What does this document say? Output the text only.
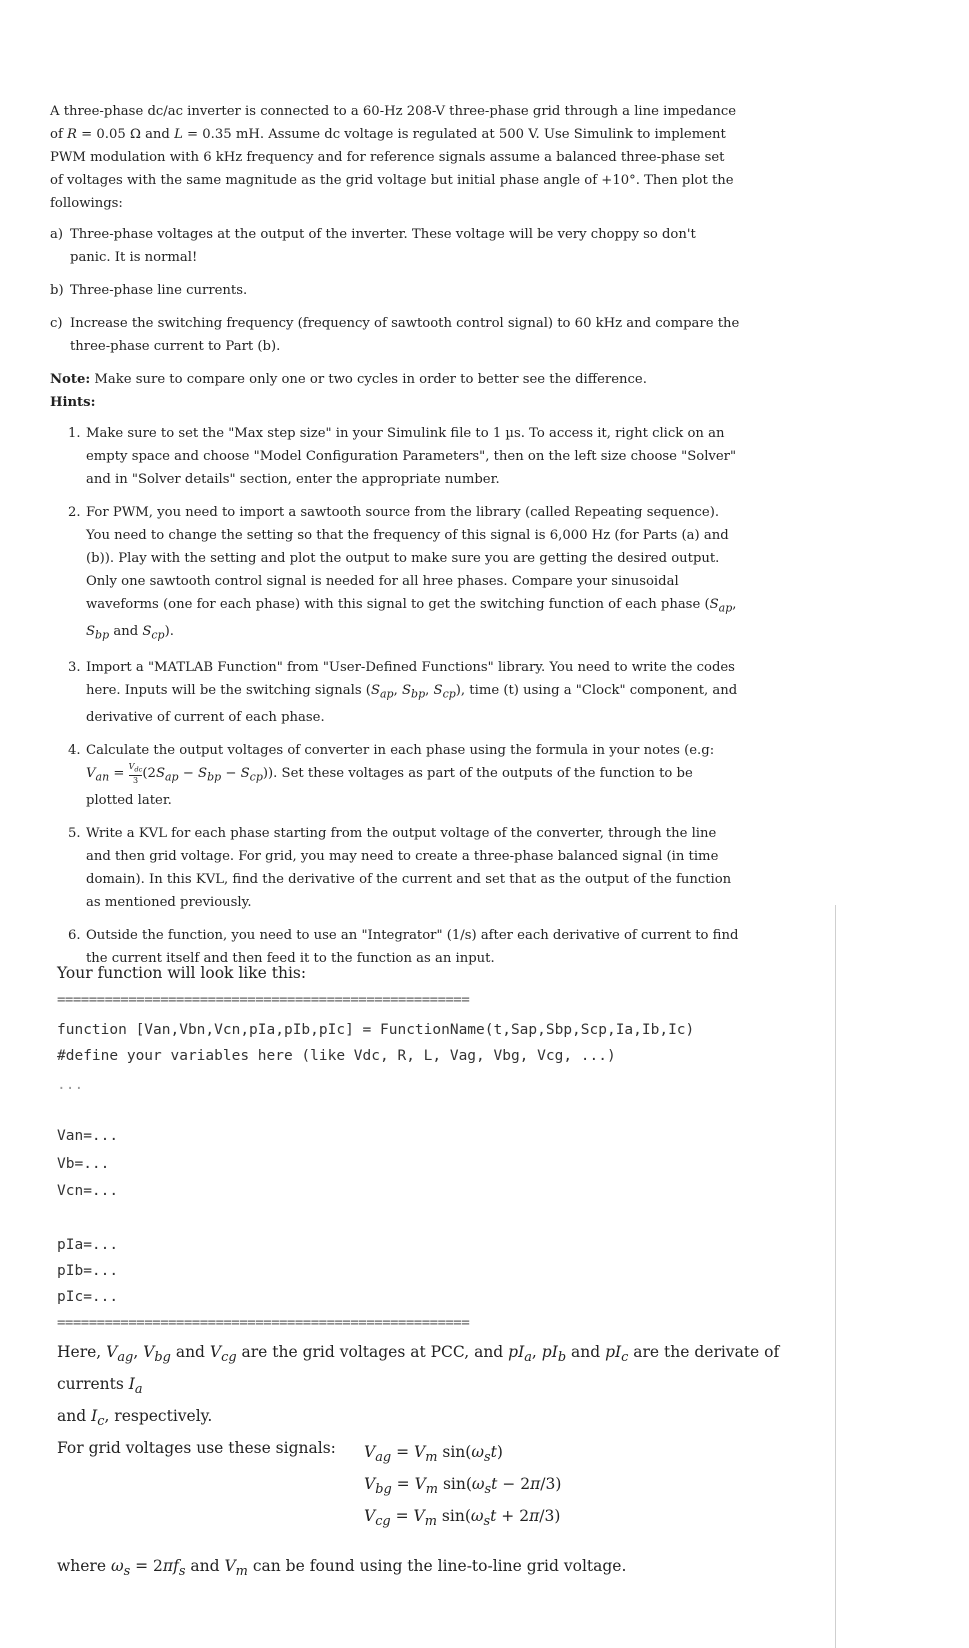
A three-phase dc/ac inverter is connected to a 60-Hz 208-V three-phase grid through a line impedance of R = 0.05 Ω and L = 0.35 mH. Assume dc voltage is regulated at 500 V. Use Simulink to implement PWM modulation with 6 kHz frequency and for reference signals assume a balanced three-phase set of voltages with the same magnitude as the grid voltage but initial phase angle of +10°. Then plot the followings:

a) Three-phase voltages at the output of the inverter. These voltage will be very choppy so don't panic. It is normal!
b) Three-phase line currents.
c) Increase the switching frequency (frequency of sawtooth control signal) to 60 kHz and compare the three-phase current to Part (b).

Note: Make sure to compare only one or two cycles in order to better see the difference.

Hints:

1. Make sure to set the "Max step size" in your Simulink file to 1 µs. To access it, right click on an empty space and choose "Model Configuration Parameters", then on the left size choose "Solver" and in "Solver details" section, enter the appropriate number.
2. For PWM, you need to import a sawtooth source from the library (called Repeating sequence). You need to change the setting so that the frequency of this signal is 6,000 Hz (for Parts (a) and (b)). Play with the setting and plot the output to make sure you are getting the desired output. Only one sawtooth control signal is needed for all hree phases. Compare your sinusoidal waveforms (one for each phase) with this signal to get the switching function of each phase ($S_{ap}$, $S_{bp}$ and $S_{cp}$).
3. Import a "MATLAB Function" from "User-Defined Functions" library. You need to write the codes here. Inputs will be the switching signals ($S_{ap}$, $S_{bp}$, $S_{cp}$), time (t) using a "Clock" component, and derivative of current of each phase.
4. Calculate the output voltages of converter in each phase using the formula in your notes (e.g: $V_{an} = \frac{V_{dc}}{3} (2S_{ap} - S_{bp} - S_{cp})$). Set these voltages as part of the outputs of the function to be plotted later.
5. Write a KVL for each phase starting from the output voltage of the converter, through the line and then grid voltage. For grid, you may need to create a three-phase balanced signal (in time domain). In this KVL, find the derivative of the current and set that as the output of the function as mentioned previously.
6. Outside the function, you need to use an "Integrator" (1/s) after each derivative of current to find the current itself and then feed it to the function as an input.

Your function will look like this:

====================================================
function [Van,Vbn,Vcn,pIa,pIb,pIc] = FunctionName(t,Sap,Sbp,Scp,Ia,Ib,Ic)
#define your variables here (like Vdc, R, L, Vag, Vbg, Vcg, ...)
...
Van=...
Vb=...
Vcn=...
pIa=...
pIb=...
pIc=...
====================================================

Here, $V_{ag}$, $V_{bg}$ and $V_{cg}$ are the grid voltages at PCC, and $pI_a$, $pI_b$ and $pI_c$ are the derivate of currents $I_a$
and $I_c$, respectively.

For grid voltages use these signals:	$V_{ag} = V_m$ $\sin(\omega_st)$
$V_{bg} = V_m$ $\sin(\omega_st - 2\pi/3)$
$V_{cg} = V_m$ $\sin(\omega_st + 2\pi/3)$
where $\omega_s = 2\pi f_s$ and $V_m$ can be found using the line-to-line grid voltage.
